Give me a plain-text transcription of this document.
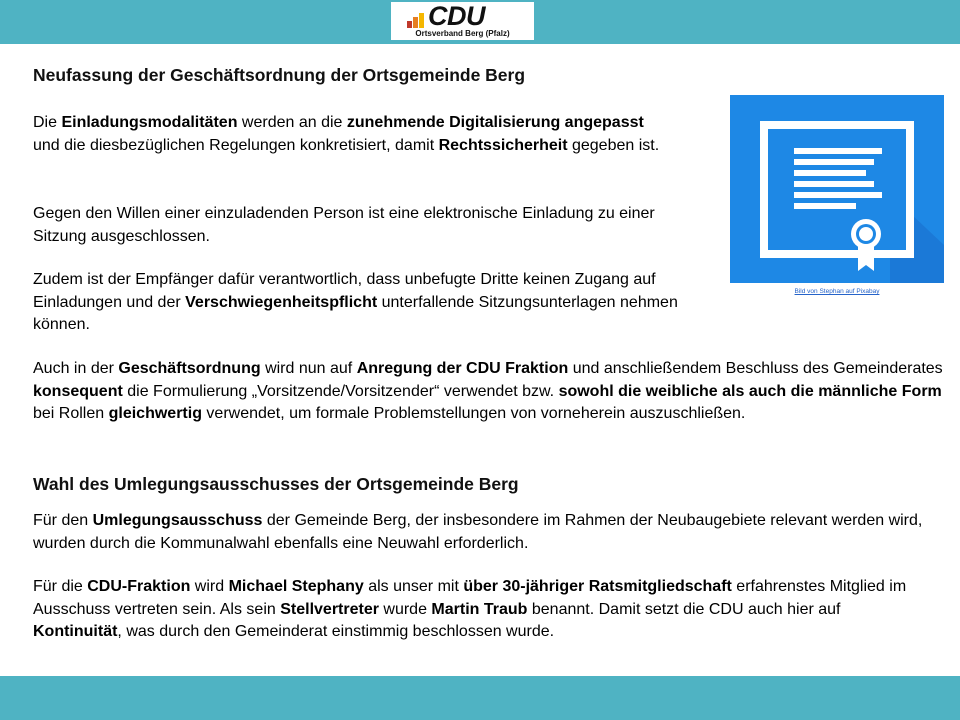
CDU
Ortsverband Berg (Pfalz)
Neufassung der Geschäftsordnung der Ortsgemeinde Berg

Die Einladungsmodalitäten werden an die zunehmende Digitalisierung angepasst und die diesbezüglichen Regelungen konkretisiert, damit Rechtssicherheit gegeben ist.

Gegen den Willen einer einzuladenden Person ist eine elektronische Einladung zu einer Sitzung ausgeschlossen.

Zudem ist der Empfänger dafür verantwortlich, dass unbefugte Dritte keinen Zugang auf Einladungen und der Verschwiegenheitspflicht unterfallende Sitzungsunterlagen nehmen können.

Auch in der Geschäftsordnung wird nun auf Anregung der CDU Fraktion und anschließendem Beschluss des Gemeinderates konsequent die Formulierung „Vorsitzende/Vorsitzender“ verwendet bzw. sowohl die weibliche als auch die männliche Form bei Rollen gleichwertig verwendet, um formale Problemstellungen von vorneherein auszuschließen.

Bild von Stephan auf Pixabay
Wahl des Umlegungsausschusses der Ortsgemeinde Berg

Für den Umlegungsausschuss der Gemeinde Berg, der insbesondere im Rahmen der Neubaugebiete relevant werden wird, wurden durch die Kommunalwahl ebenfalls eine Neuwahl erforderlich.

Für die CDU-Fraktion wird Michael Stephany als unser mit über 30-jähriger Ratsmitgliedschaft erfahrenstes Mitglied im Ausschuss vertreten sein. Als sein Stellvertreter wurde Martin Traub benannt. Damit setzt die CDU auch hier auf Kontinuität, was durch den Gemeinderat einstimmig beschlossen wurde.
